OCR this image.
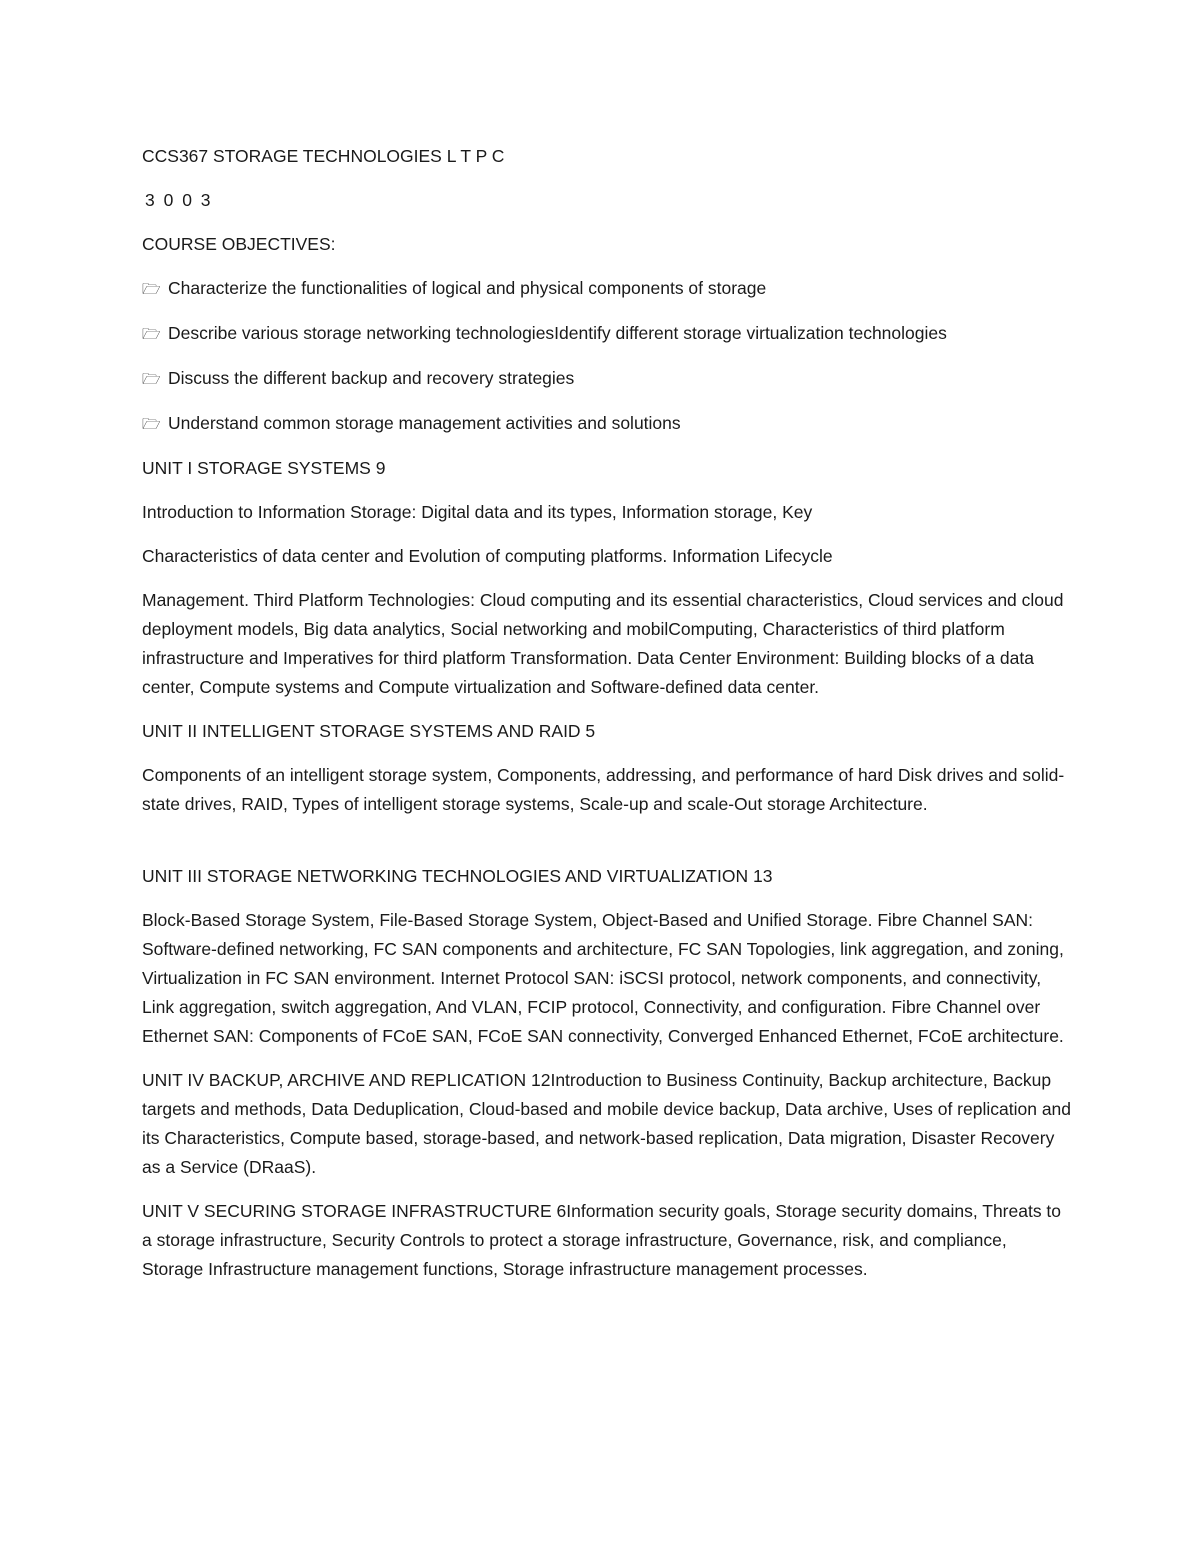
CCS367 STORAGE TECHNOLOGIES L T P C

3 0 0 3

COURSE OBJECTIVES:

🗁︎ Characterize the functionalities of logical and physical components of storage
🗁︎ Describe various storage networking technologiesIdentify different storage virtualization technologies
🗁︎ Discuss the different backup and recovery strategies
🗁︎ Understand common storage management activities and solutions

UNIT I STORAGE SYSTEMS 9

Introduction to Information Storage: Digital data and its types, Information storage, Key

Characteristics of data center and Evolution of computing platforms. Information Lifecycle

Management. Third Platform Technologies: Cloud computing and its essential characteristics, Cloud services and cloud deployment models, Big data analytics, Social networking and mobilComputing, Characteristics of third platform infrastructure and Imperatives for third platform Transformation. Data Center Environment: Building blocks of a data center, Compute systems and Compute virtualization and Software-defined data center.

UNIT II INTELLIGENT STORAGE SYSTEMS AND RAID 5

Components of an intelligent storage system, Components, addressing, and performance of hard Disk drives and solid-state drives, RAID, Types of intelligent storage systems, Scale-up and scale-Out storage Architecture.

UNIT III STORAGE NETWORKING TECHNOLOGIES AND VIRTUALIZATION 13

Block-Based Storage System, File-Based Storage System, Object-Based and Unified Storage. Fibre Channel SAN: Software-defined networking, FC SAN components and architecture, FC SAN Topologies, link aggregation, and zoning, Virtualization in FC SAN environment. Internet Protocol SAN: iSCSI protocol, network components, and connectivity, Link aggregation, switch aggregation, And VLAN, FCIP protocol, Connectivity, and configuration. Fibre Channel over Ethernet SAN: Components of FCoE SAN, FCoE SAN connectivity, Converged Enhanced Ethernet, FCoE architecture.

UNIT IV BACKUP, ARCHIVE AND REPLICATION 12Introduction to Business Continuity, Backup architecture, Backup targets and methods, Data Deduplication, Cloud-based and mobile device backup, Data archive, Uses of replication and its Characteristics, Compute based, storage-based, and network-based replication, Data migration, Disaster Recovery as a Service (DRaaS).

UNIT V SECURING STORAGE INFRASTRUCTURE 6Information security goals, Storage security domains, Threats to a storage infrastructure, Security Controls to protect a storage infrastructure, Governance, risk, and compliance, Storage Infrastructure management functions, Storage infrastructure management processes.
